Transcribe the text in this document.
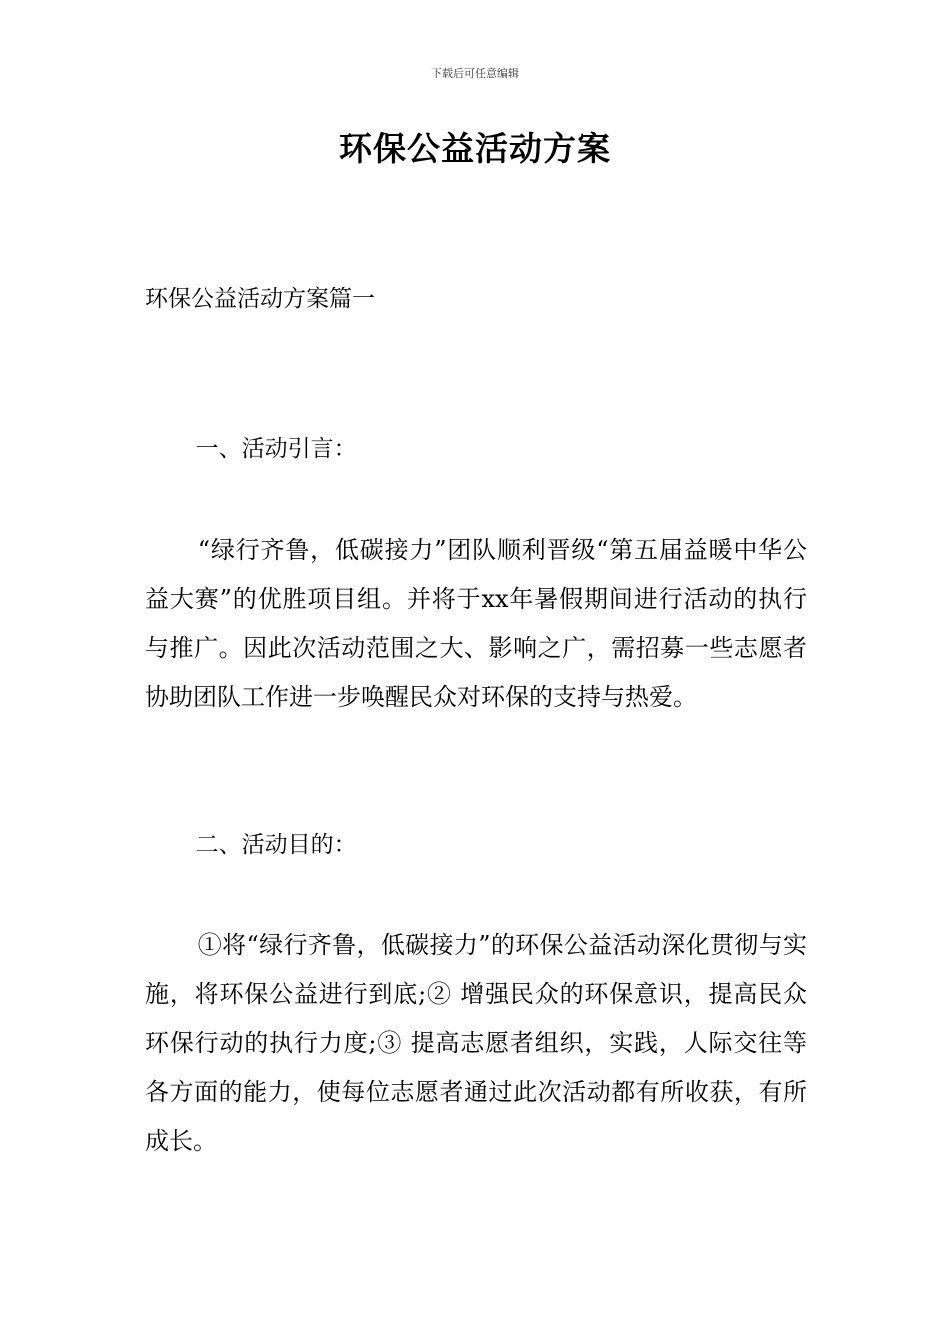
下载后可任意编辑
环保公益活动方案
环保公益活动方案篇一
一、活动引言：
“绿行齐鲁，低碳接力”团队顺利晋级“第五届益暖中华公益大赛”的优胜项目组。并将于xx年暑假期间进行活动的执行与推广。因此次活动范围之大、影响之广，需招募一些志愿者协助团队工作进一步唤醒民众对环保的支持与热爱。
二、活动目的：
①将“绿行齐鲁，低碳接力”的环保公益活动深化贯彻与实施，将环保公益进行到底;② 增强民众的环保意识，提高民众环保行动的执行力度;③ 提高志愿者组织，实践，人际交往等各方面的能力，使每位志愿者通过此次活动都有所收获，有所成长。
